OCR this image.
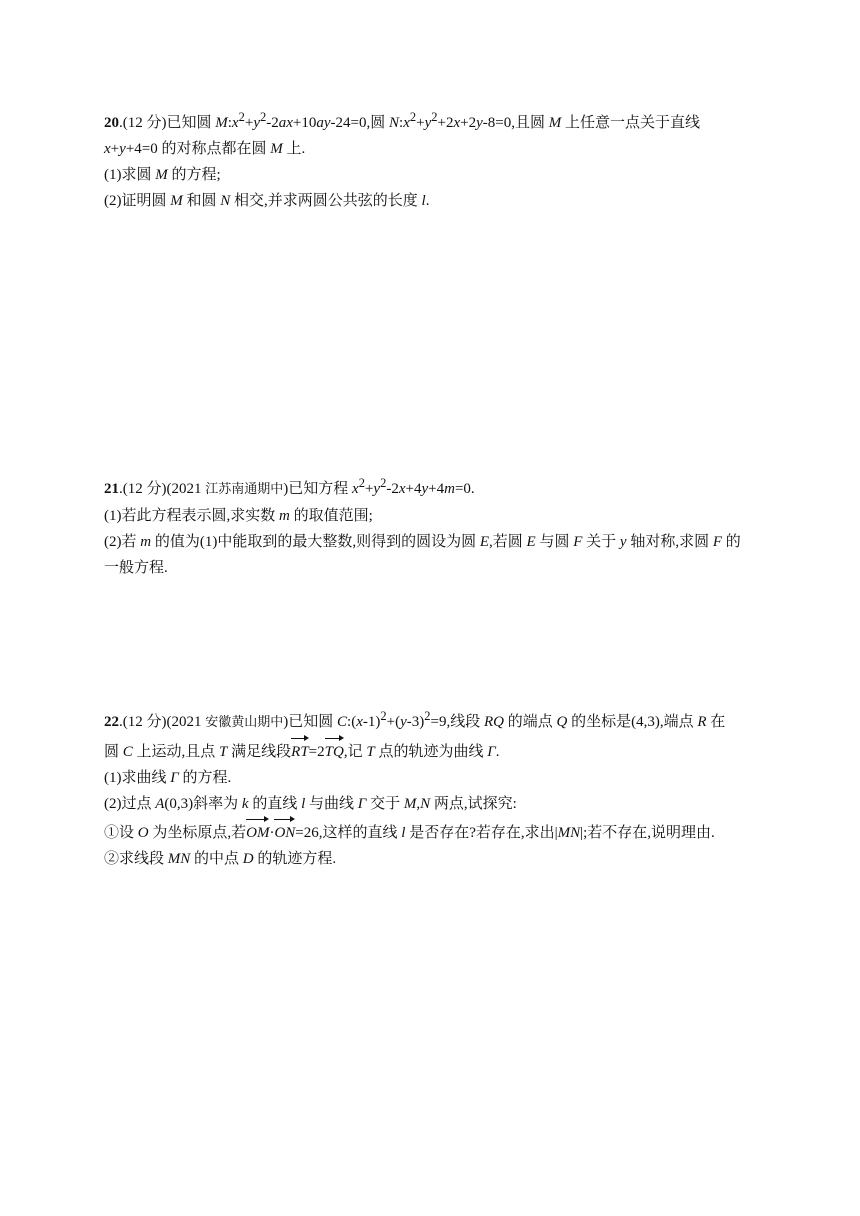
20.(12 分)已知圆 $M:x^2+y^2-2ax+10ay-24=0$,圆 $N:x^2+y^2+2x+2y-8=0$,且圆 M 上任意一点关于直线
x+y+4=0 的对称点都在圆 M 上.
(1)求圆 M 的方程;
(2)证明圆 M 和圆 N 相交,并求两圆公共弦的长度 l.
21.(12 分)(2021 江苏南通期中)已知方程 $x^2+y^2-2x+4y+4m=0$.
(1)若此方程表示圆,求实数 m 的取值范围;
(2)若 m 的值为(1)中能取到的最大整数,则得到的圆设为圆 E,若圆 E 与圆 F 关于 y 轴对称,求圆 F 的
一般方程.
22.(12 分)(2021 安徽黄山期中)已知圆 $C:(x-1)^2+(y-3)^2=9$,线段 RQ 的端点 Q 的坐标是(4,3),端点 R 在
圆 C 上运动,且点 T 满足线段RT=2TQ,记 T 点的轨迹为曲线 Γ.
(1)求曲线 Γ 的方程.
(2)过点 A(0,3)斜率为 k 的直线 l 与曲线 Γ 交于 M,N 两点,试探究:
①设 O 为坐标原点,若OM·ON=26,这样的直线 l 是否存在?若存在,求出|MN|;若不存在,说明理由.
②求线段 MN 的中点 D 的轨迹方程.
